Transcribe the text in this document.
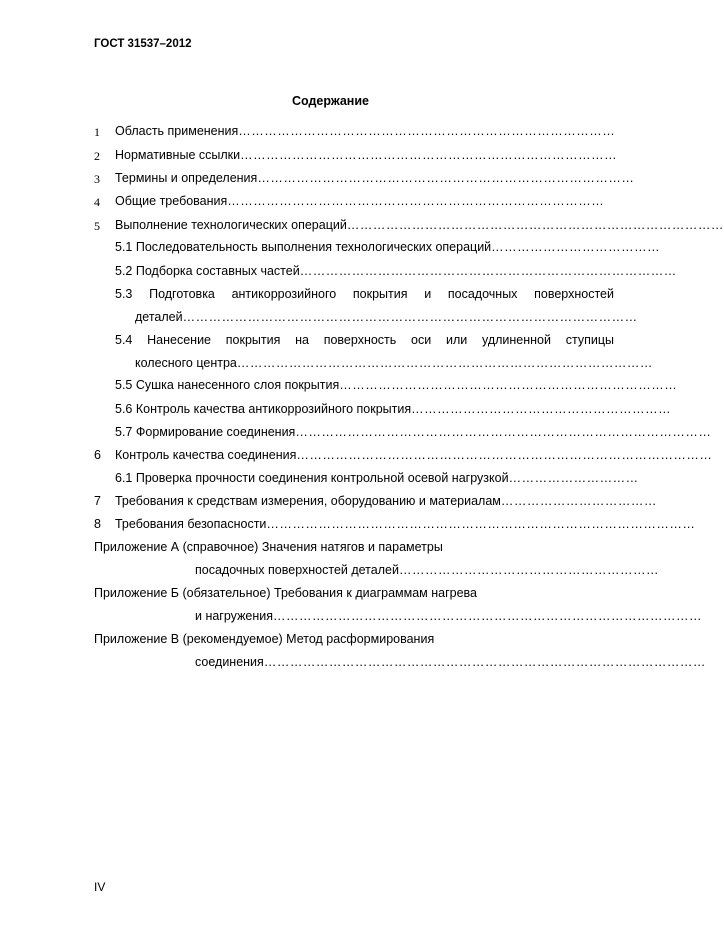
ГОСТ 31537–2012
Содержание
1 Область применения……………………………………………………………………………
2 Нормативные ссылки……………………………………………………………………………
3 Термины и определения……………………………………………………………………………
4 Общие требования……………………………………………………………………………
5 Выполнение технологических операций……………………………………………………………………………
5.1 Последовательность выполнения технологических операций…………………………………
5.2 Подборка составных частей……………………………………………………………………………
5.3 Подготовка антикоррозийного покрытия и посадочных поверхностей
деталей……………………………………………………………………………………………
5.4 Нанесение покрытия на поверхность оси или удлиненной ступицы
колесного центра……………………………………………………………………………………
5.5 Сушка нанесенного слоя покрытия……………………………………………………………………
5.6 Контроль качества антикоррозийного покрытия……………………………………………………
5.7 Формирование соединения……………………………………………………………………………………
6 Контроль качества соединения……………………………………………………………………………………
6.1 Проверка прочности соединения контрольной осевой нагрузкой…………………………
7 Требования к средствам измерения, оборудованию и материалам………………………………
8 Требования безопасности………………………………………………………………………………………
Приложение А (справочное) Значения натягов и параметры
посадочных поверхностей деталей……………………………………………………
Приложение Б (обязательное) Требования к диаграммам нагрева
и нагружения………………………………………………………………………………………
Приложение В (рекомендуемое) Метод расформирования
соединения…………………………………………………………………………………………
IV
